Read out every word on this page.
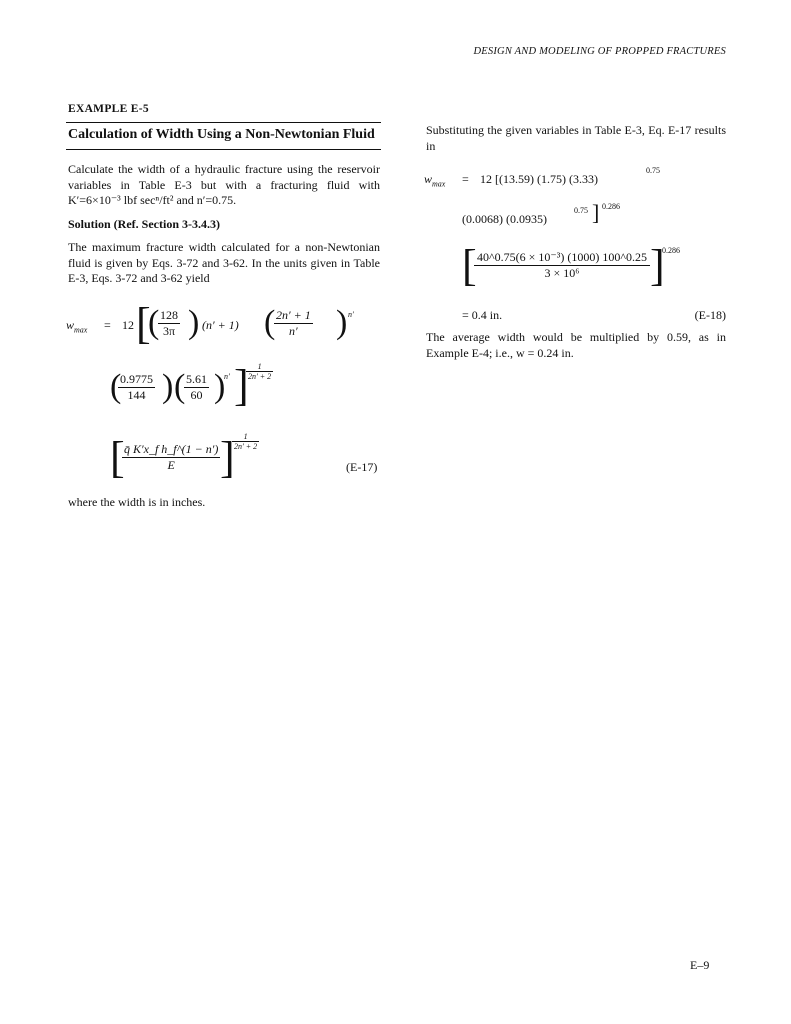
DESIGN AND MODELING OF PROPPED FRACTURES
EXAMPLE E-5
Calculation of Width Using a Non-Newtonian Fluid
Calculate the width of a hydraulic fracture using the reservoir variables in Table E-3 but with a fracturing fluid with K′=6×10⁻³ lbf secⁿ/ft² and n′=0.75.
Solution (Ref. Section 3-3.4.3)
The maximum fracture width calculated for a non-Newtonian fluid is given by Eqs. 3-72 and 3-62. In the units given in Table E-3, Eqs. 3-72 and 3-62 yield
$w_{max} = 12$ [
(
$\frac{128}{3\pi}$ ) (n′ + 1) (
$\frac{2n' + 1}{n'}$ ) n′
(
$\frac{0.9775}{144}$ ) (
$\frac{5.61}{60}$ )
n′ ]
$\frac{1}{2n' + 2}$
[
$\frac{\text{q̄ K′x\_f h\_f\textasciicircum{}(1 − n′)}}{E}$ ]
$\frac{1}{2n' + 2}$
(E-17)
where the width is in inches.
Substituting the given variables in Table E-3, Eq. E-17 results in
$w_{max} = 12$ [(13.59) (1.75) (3.33)
0.75
(0.0068) (0.0935)
0.75 ] 0.286
[
$\frac{\text{40\textasciicircum{}0.75(6 × 10⁻³) (1000) 100\textasciicircum{}0.25}}{\text{3 × 10⁶}}$ ]
0.286
= 0.4 in.	(E-18)
The average width would be multiplied by 0.59, as in Example E-4; i.e., w = 0.24 in.
E–9
